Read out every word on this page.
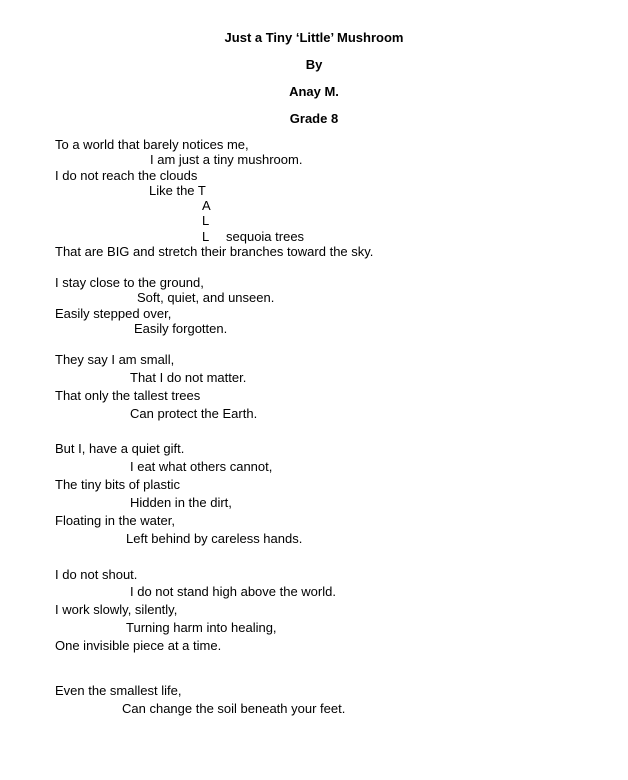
Just a Tiny ‘Little’ Mushroom
By
Anay M.
Grade 8
To a world that barely notices me,
I am just a tiny mushroom.
I do not reach the clouds
Like the T
A
L
L sequoia trees
That are BIG and stretch their branches toward the sky.
I stay close to the ground,
Soft, quiet, and unseen.
Easily stepped over,
Easily forgotten.
They say I am small,
That I do not matter.
That only the tallest trees
Can protect the Earth.
But I, have a quiet gift.
I eat what others cannot,
The tiny bits of plastic
Hidden in the dirt,
Floating in the water,
Left behind by careless hands.
I do not shout.
I do not stand high above the world.
I work slowly, silently,
Turning harm into healing,
One invisible piece at a time.
Even the smallest life,
Can change the soil beneath your feet.
